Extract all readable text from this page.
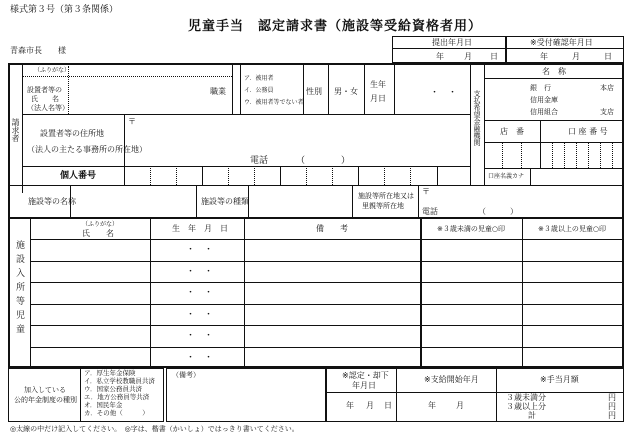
様式第３号（第３条関係）
児童手当　認定請求書（施設等受給資格者用）
青森市長　　様
提出年月日
年	月 日
※受付確認年月日
年	月	日
請求者
（ふりがな）
設置者等の
氏　　名
（法人名等）
職業
ア．被用者
イ．公務員
ウ．被用者等でない者
性別 男・女
生年
月日
・　・
設置者等の住所地
（法人の主たる事務所の所在地）
〒
電話	（　　　　）
個人番号
施設等の名称	施設等の種類
施設等所在地又は
里親等所在地
〒
電話	（　　　）
支払希望金融機関
名　称
銀　行
信用金庫
信用組合
本店
支店
店　番	口 座 番 号
口座名義カナ
施設入所等児童
（ふりがな）
氏　　名
生　年　月　日	備　　考	※３歳未満の児童○印	※３歳以上の児童○印
・　・
・　・
・　・
・　・
・　・
・　・
加入している
公的年金制度の種別
ア．厚生年金保険
イ．私立学校教職員共済
ウ．国家公務員共済
エ．地方公務員等共済
オ．国民年金
カ．その他（　　　）
（備考）	※認定・却下
年月日
年 月 日
※支給開始年月
年	月
※手当月額
３歳未満分	円
３歳以上分	円
計	円
◎太線の中だけ記入してください。　◎字は、楷書（かいしょ）ではっきり書いてください。
